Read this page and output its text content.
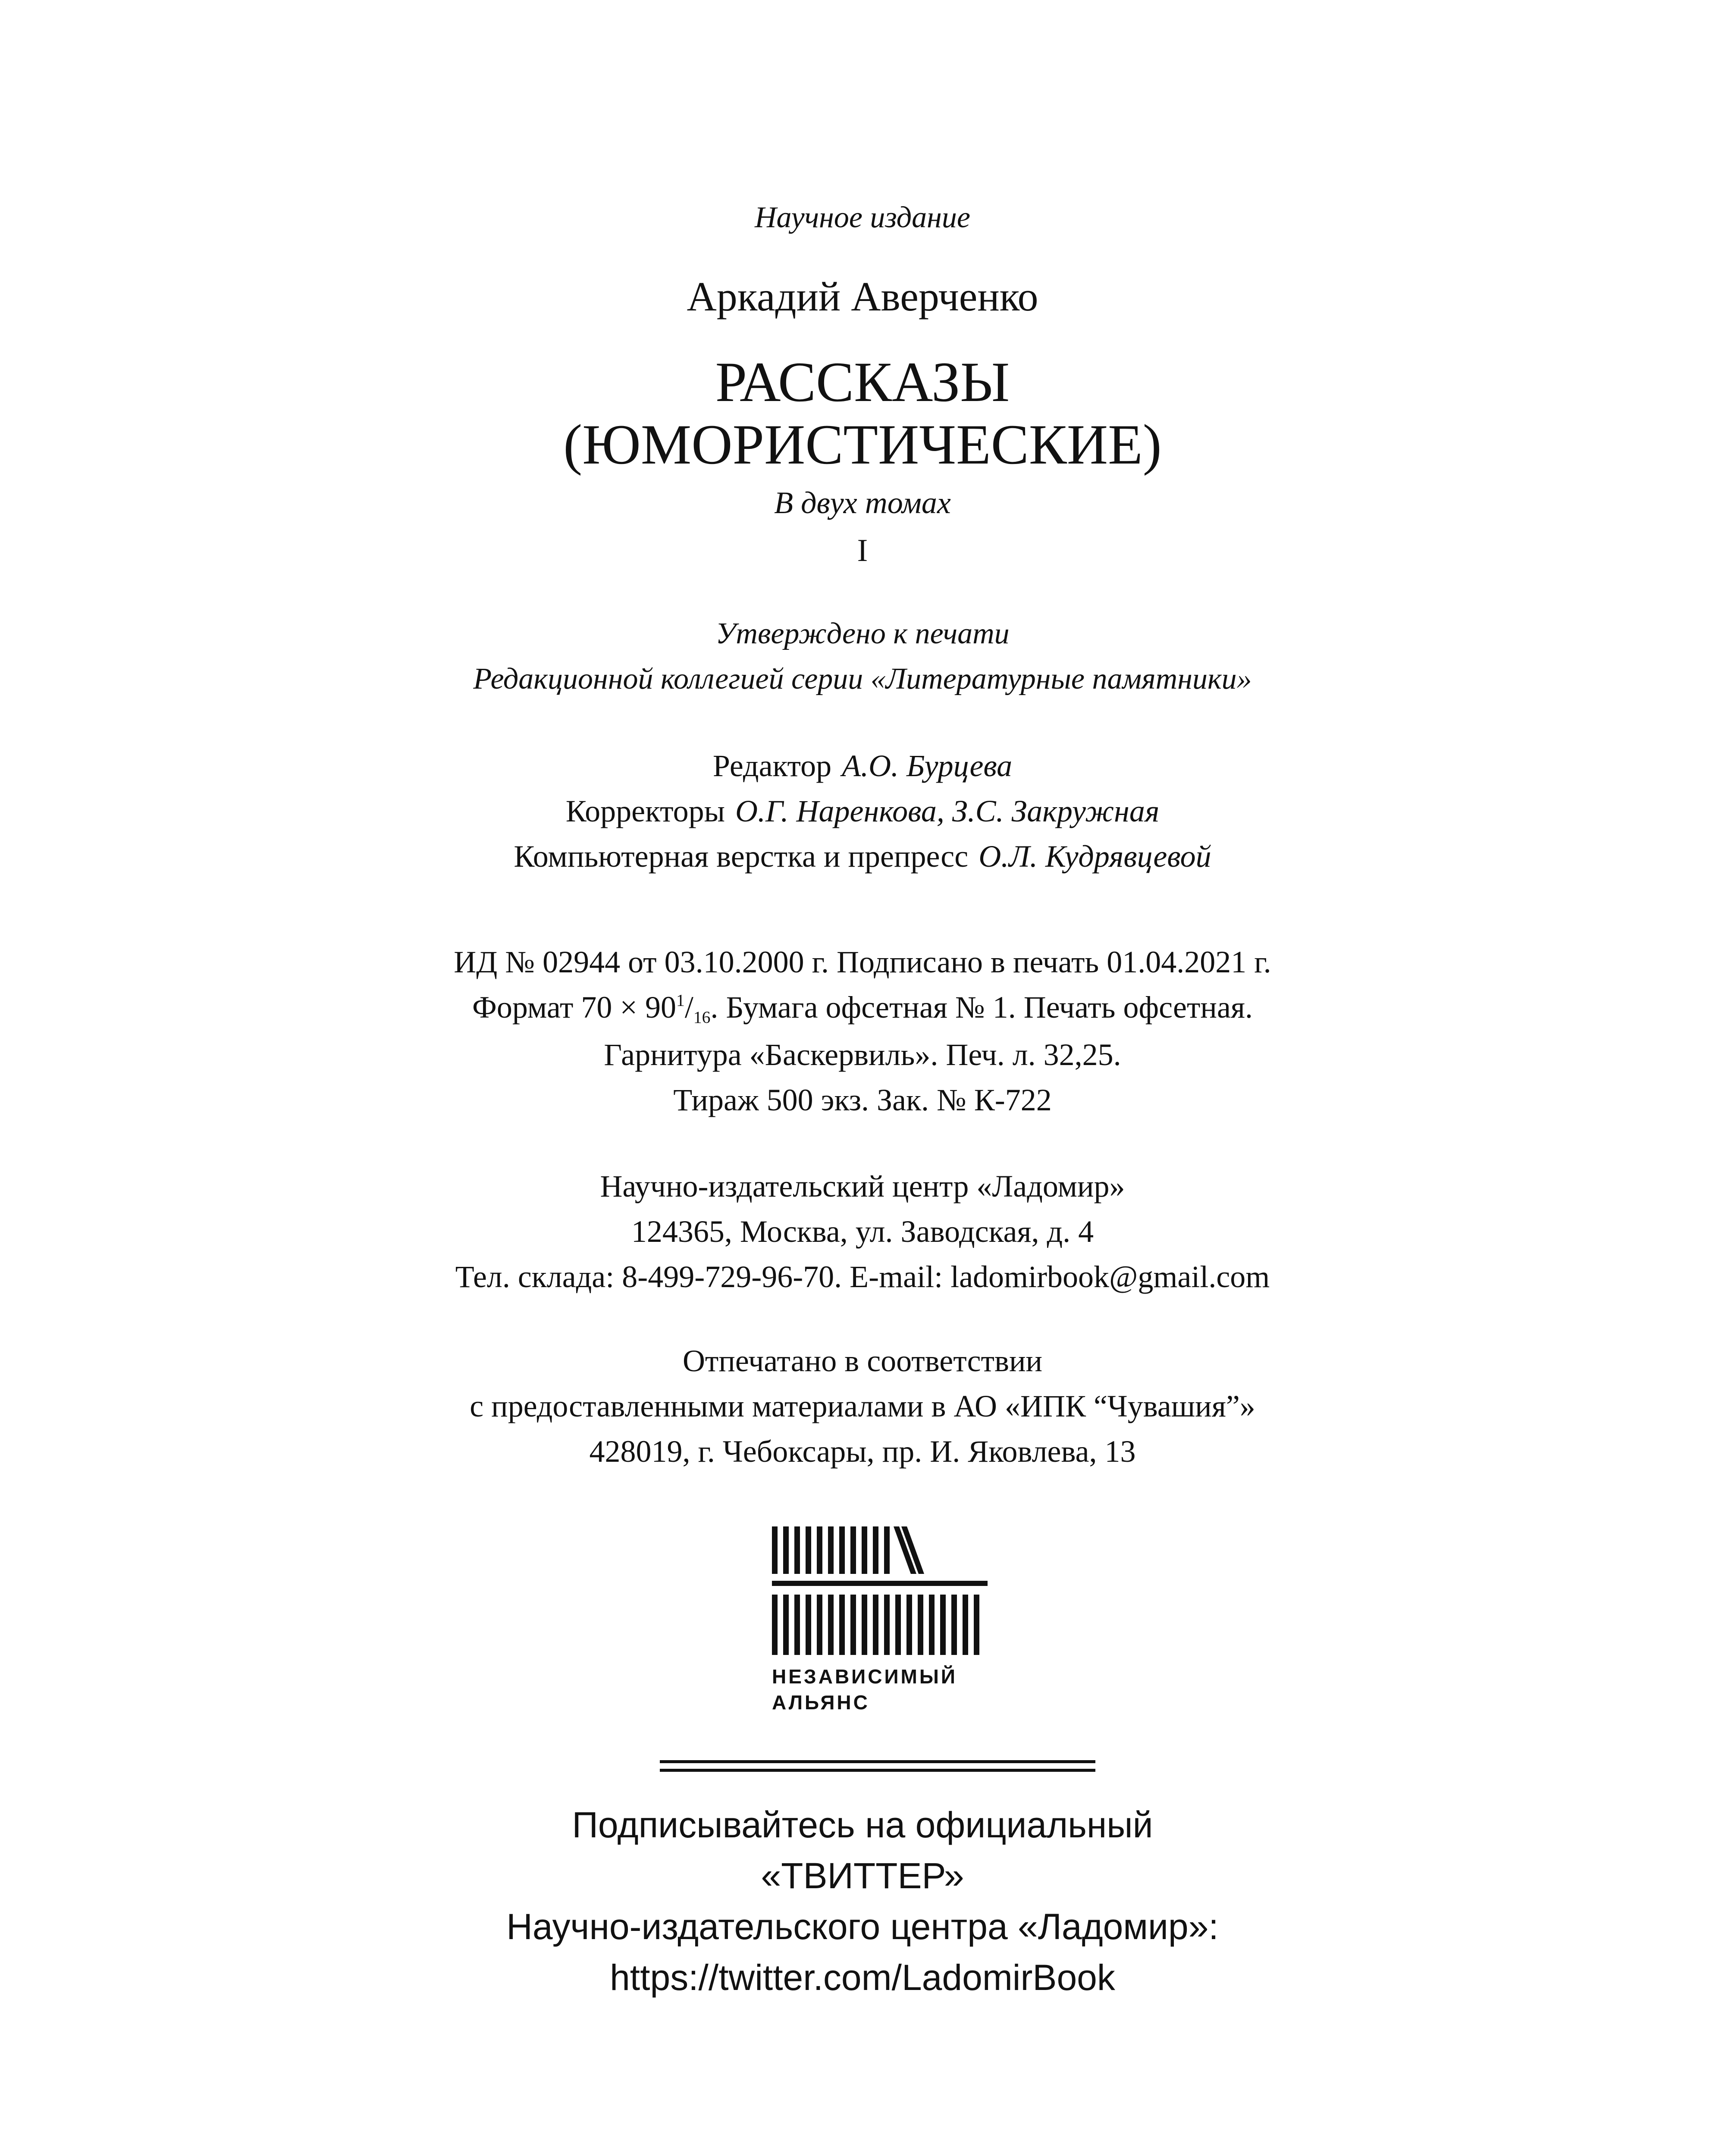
Научное издание
Аркадий Аверченко
РАССКАЗЫ
(ЮМОРИСТИЧЕСКИЕ)
В двух томах
I
Утверждено к печати
Редакционной коллегией серии «Литературные памятники»
Редактор А.О. Бурцева
Корректоры О.Г. Наренкова, З.С. Закружная
Компьютерная верстка и препресс О.Л. Кудрявцевой
ИД № 02944 от 03.10.2000 г. Подписано в печать 01.04.2021 г.
Формат $70 \times 90^1/_{16}$. Бумага офсетная № 1. Печать офсетная.
Гарнитура «Баскервиль». Печ. л. 32,25.
Тираж 500 экз. Зак. № К-722
Научно-издательский центр «Ладомир»
124365, Москва, ул. Заводская, д. 4
Тел. склада: 8-499-729-96-70. E-mail: ladomirbook@gmail.com
Отпечатано в соответствии
с предоставленными материалами в АО «ИПК “Чувашия”»
428019, г. Чебоксары, пр. И. Яковлева, 13
НЕЗАВИСИМЫЙ
АЛЬЯНС
Подписывайтесь на официальный
«ТВИТТЕР»
Научно-издательского центра «Ладомир»:
https://twitter.com/LadomirBook
